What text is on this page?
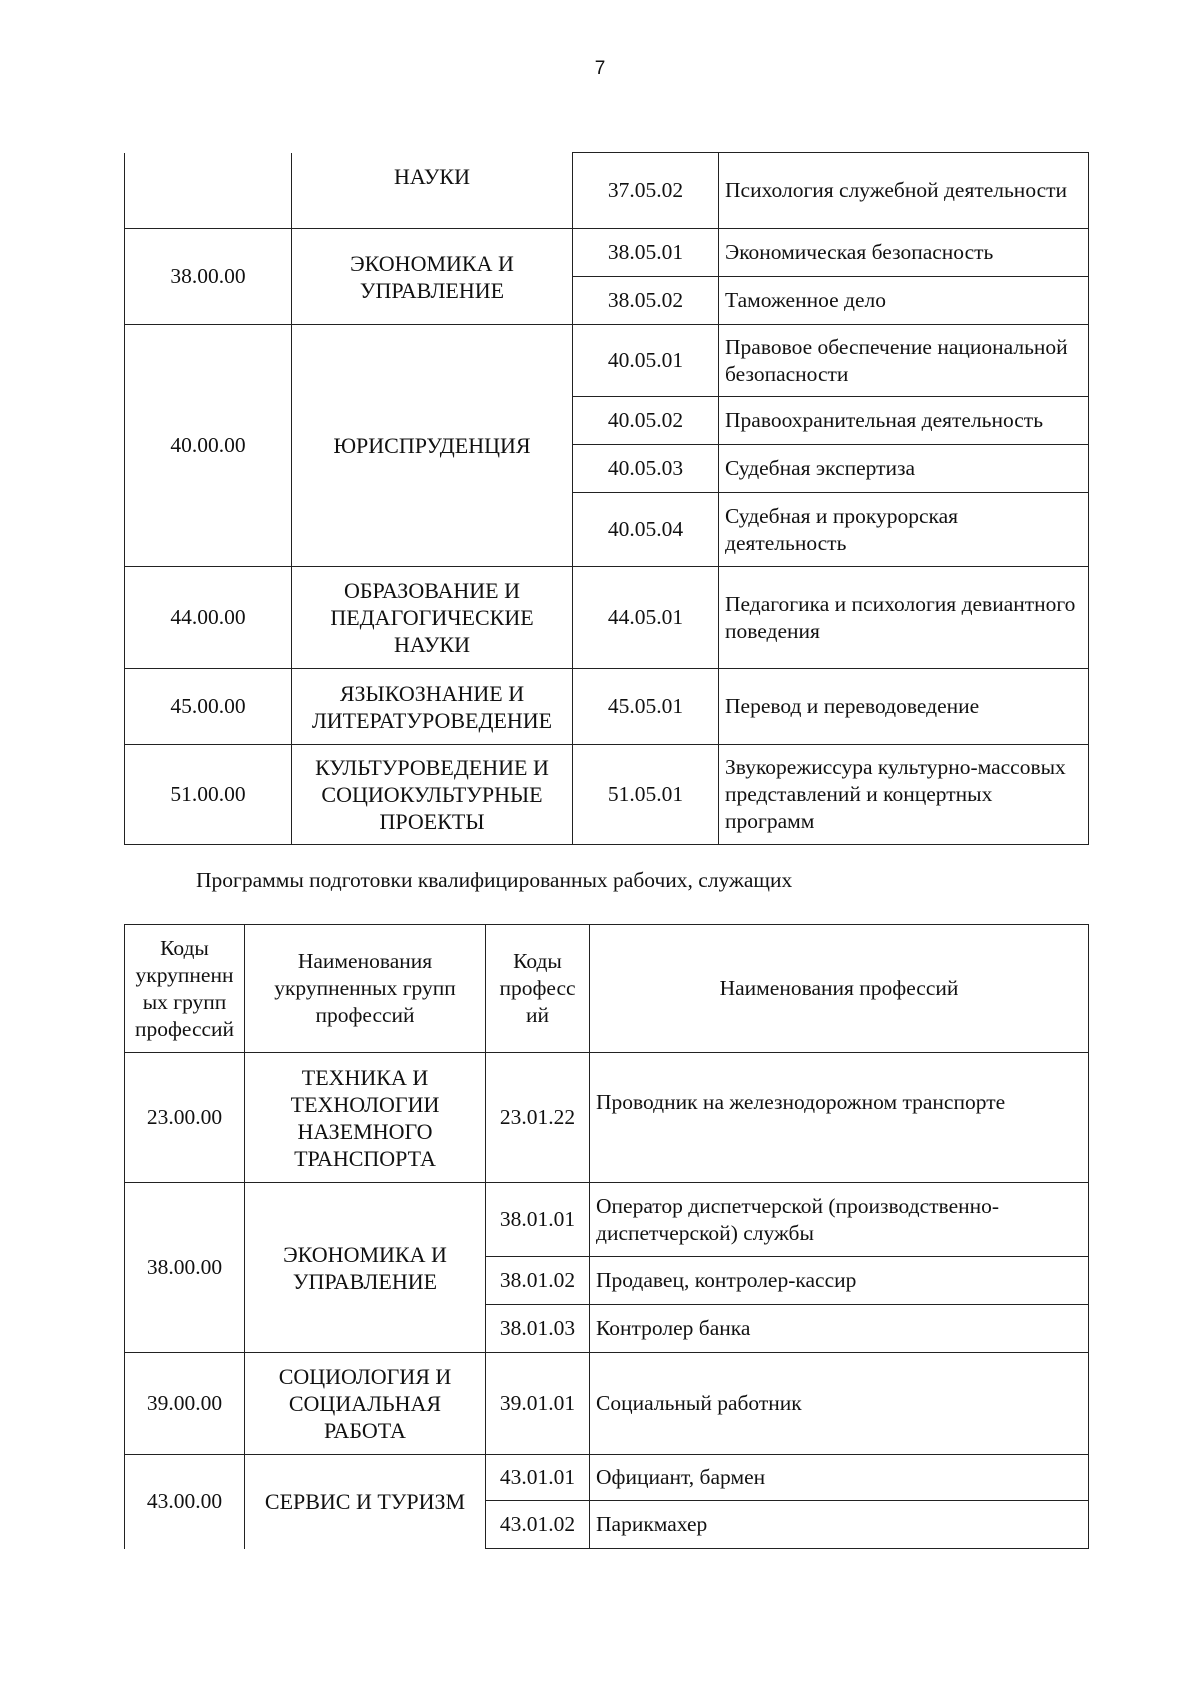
7
	НАУКИ	37.05.02	Психология служебной деятельности
38.00.00	ЭКОНОМИКА И УПРАВЛЕНИЕ	38.05.01	Экономическая безопасность
		38.05.02	Таможенное дело
40.00.00	ЮРИСПРУДЕНЦИЯ	40.05.01	Правовое обеспечение национальной безопасности
		40.05.02	Правоохранительная деятельность
		40.05.03	Судебная экспертиза
		40.05.04	Судебная и прокурорская деятельность
44.00.00	ОБРАЗОВАНИЕ И ПЕДАГОГИЧЕСКИЕ НАУКИ	44.05.01	Педагогика и психология девиантного поведения
45.00.00	ЯЗЫКОЗНАНИЕ И ЛИТЕРАТУРОВЕДЕНИЕ	45.05.01	Перевод и переводоведение
51.00.00	КУЛЬТУРОВЕДЕНИЕ И СОЦИОКУЛЬТУРНЫЕ ПРОЕКТЫ	51.05.01	Звукорежиссура культурно-массовых представлений и концертных программ
Программы подготовки квалифицированных рабочих, служащих
Коды укрупненн ых групп профессий	Наименования укрупненных групп профессий	Коды професс ий	Наименования профессий
23.00.00	ТЕХНИКА И ТЕХНОЛОГИИ НАЗЕМНОГО ТРАНСПОРТА	23.01.22	Проводник на железнодорожном транспорте
38.00.00	ЭКОНОМИКА И УПРАВЛЕНИЕ	38.01.01	Оператор диспетчерской (производственно-диспетчерской) службы
		38.01.02	Продавец, контролер-кассир
		38.01.03	Контролер банка
39.00.00	СОЦИОЛОГИЯ И СОЦИАЛЬНАЯ РАБОТА	39.01.01	Социальный работник
43.00.00	СЕРВИС И ТУРИЗМ	43.01.01	Официант, бармен
		43.01.02	Парикмахер
